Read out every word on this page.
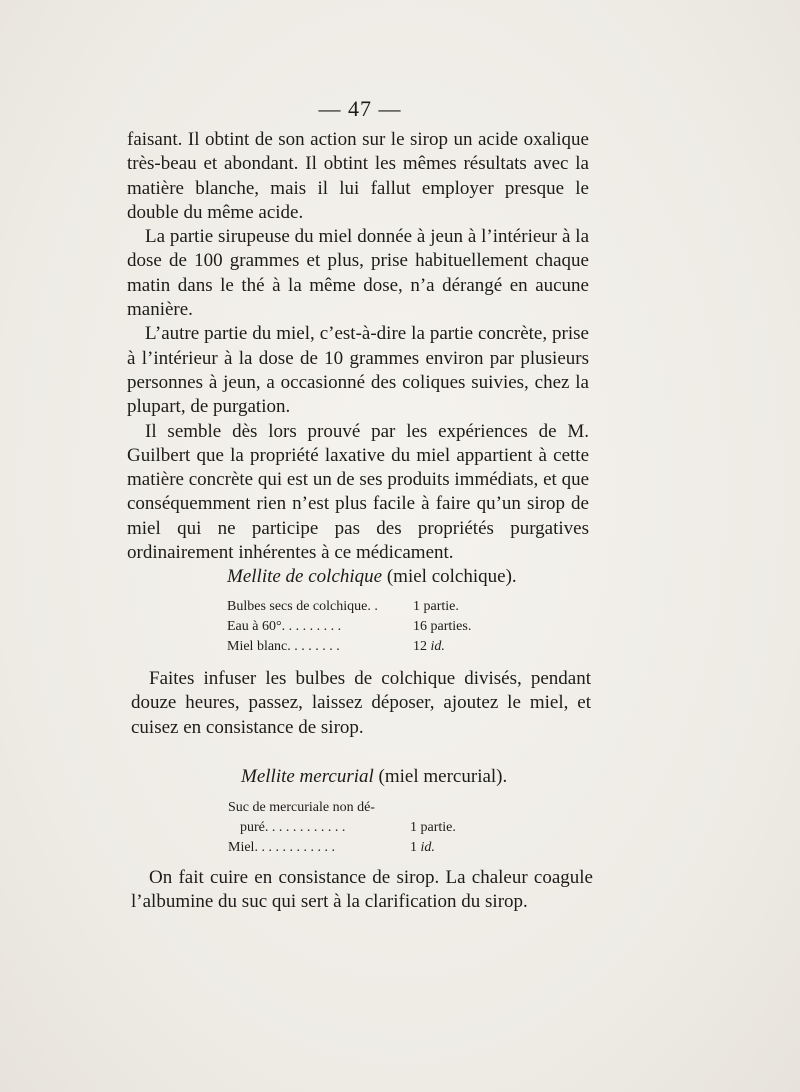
— 47 —

faisant. Il obtint de son action sur le sirop un acide oxalique très-beau et abondant. Il obtint les mêmes résultats avec la matière blanche, mais il lui fallut employer presque le double du même acide.

La partie sirupeuse du miel donnée à jeun à l’intérieur à la dose de 100 grammes et plus, prise habituellement chaque matin dans le thé à la même dose, n’a dérangé en aucune manière.

L’autre partie du miel, c’est-à-dire la partie concrète, prise à l’intérieur à la dose de 10 grammes environ par plusieurs personnes à jeun, a occasionné des coliques suivies, chez la plupart, de purgation.

Il semble dès lors prouvé par les expériences de M. Guilbert que la propriété laxative du miel appartient à cette matière concrète qui est un de ses produits immédiats, et que conséquemment rien n’est plus facile à faire qu’un sirop de miel qui ne participe pas des propriétés purgatives ordinairement inhérentes à ce médicament.

Mellite de colchique (miel colchique).
Bulbes secs de colchique. .	1 partie.
Eau à 60°. . . . . . . . .	16 parties.
Miel blanc. . . . . . . .	12 id.

Faites infuser les bulbes de colchique divisés, pendant douze heures, passez, laissez déposer, ajoutez le miel, et cuisez en consistance de sirop.

Mellite mercurial (miel mercurial).
Suc de mercuriale non dé-
puré. . . . . . . . . . . .	1 partie.
Miel. . . . . . . . . . . .	1 id.

On fait cuire en consistance de sirop. La chaleur coagule l’albumine du suc qui sert à la clarification du sirop.
